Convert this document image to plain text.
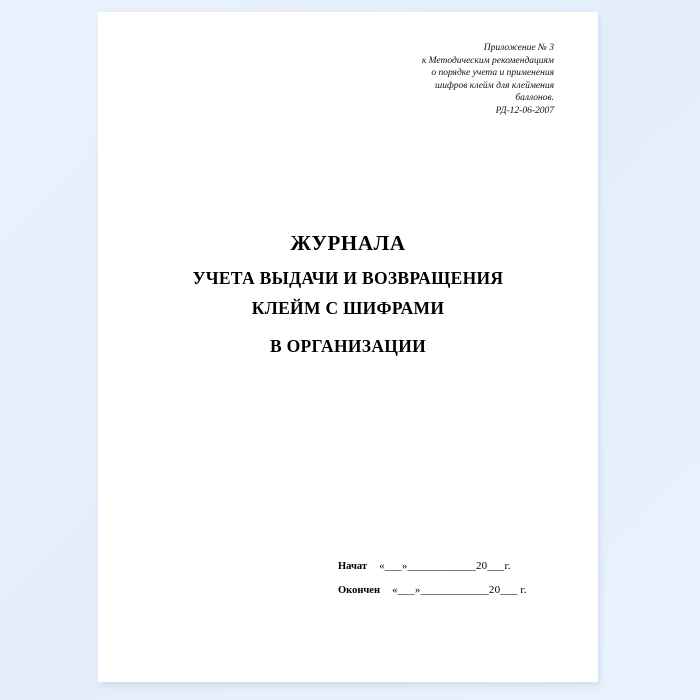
Приложение № 3
к Методическим рекомендациям
о порядке учета и применения
шифров клейм для клеймения
баллонов.
РД-12-06-2007
ЖУРНАЛА
УЧЕТА ВЫДАЧИ И ВОЗВРАЩЕНИЯ
КЛЕЙМ С ШИФРАМИ
В ОРГАНИЗАЦИИ
Начат «___»____________20___г.
Окончен «___»____________20___ г.
